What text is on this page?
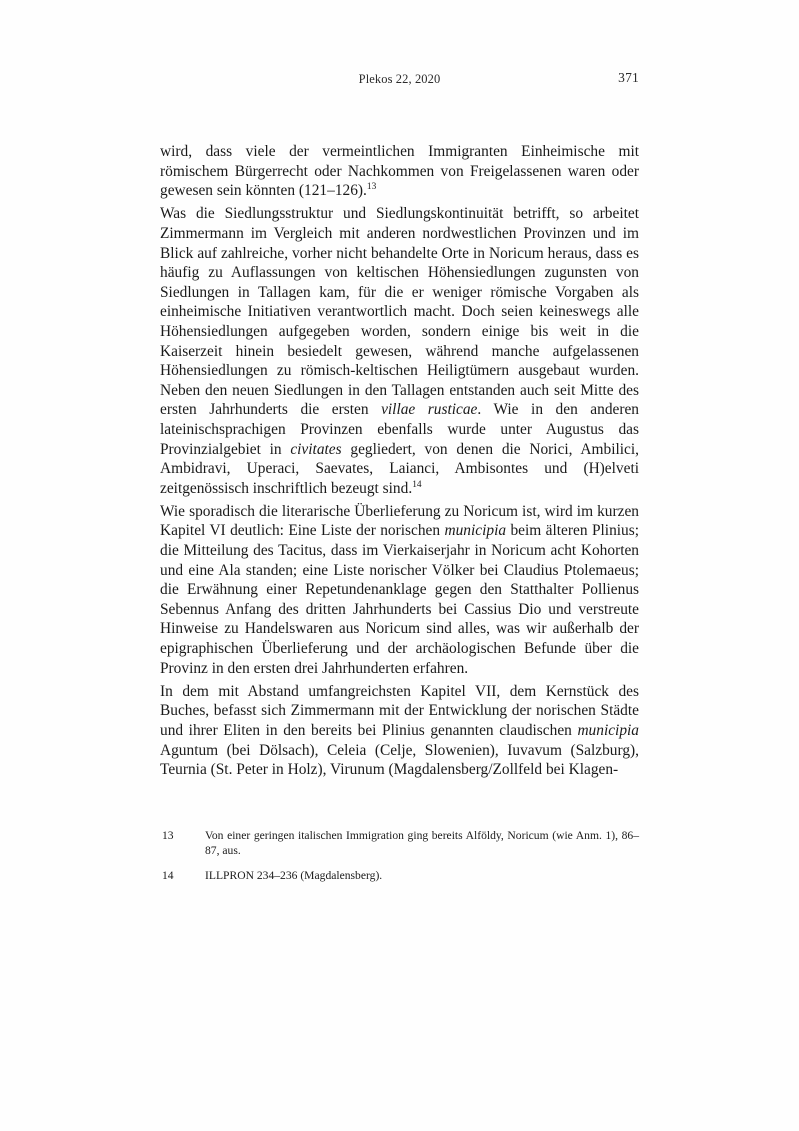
Plekos 22, 2020	371

wird, dass viele der vermeintlichen Immigranten Einheimische mit römischem Bürgerrecht oder Nachkommen von Freigelassenen waren oder gewesen sein könnten (121–126).$^{13}$

Was die Siedlungsstruktur und Siedlungskontinuität betrifft, so arbeitet Zimmermann im Vergleich mit anderen nordwestlichen Provinzen und im Blick auf zahlreiche, vorher nicht behandelte Orte in Noricum heraus, dass es häufig zu Auflassungen von keltischen Höhensiedlungen zugunsten von Siedlungen in Tallagen kam, für die er weniger römische Vorgaben als einheimische Initiativen verantwortlich macht. Doch seien keineswegs alle Höhensiedlungen aufgegeben worden, sondern einige bis weit in die Kaiserzeit hinein besiedelt gewesen, während manche aufgelassenen Höhensiedlungen zu römisch-keltischen Heiligtümern ausgebaut wurden. Neben den neuen Siedlungen in den Tallagen entstanden auch seit Mitte des ersten Jahrhunderts die ersten villae rusticae. Wie in den anderen lateinischsprachigen Provinzen ebenfalls wurde unter Augustus das Provinzialgebiet in civitates gegliedert, von denen die Norici, Ambilici, Ambidravi, Uperaci, Saevates, Laianci, Ambisontes und (H)elveti zeitgenössisch inschriftlich bezeugt sind.$^{14}$

Wie sporadisch die literarische Überlieferung zu Noricum ist, wird im kurzen Kapitel VI deutlich: Eine Liste der norischen municipia beim älteren Plinius; die Mitteilung des Tacitus, dass im Vierkaiserjahr in Noricum acht Kohorten und eine Ala standen; eine Liste norischer Völker bei Claudius Ptolemaeus; die Erwähnung einer Repetundenanklage gegen den Statthalter Pollienus Sebennus Anfang des dritten Jahrhunderts bei Cassius Dio und verstreute Hinweise zu Handelswaren aus Noricum sind alles, was wir außerhalb der epigraphischen Überlieferung und der archäologischen Befunde über die Provinz in den ersten drei Jahrhunderten erfahren.

In dem mit Abstand umfangreichsten Kapitel VII, dem Kernstück des Buches, befasst sich Zimmermann mit der Entwicklung der norischen Städte und ihrer Eliten in den bereits bei Plinius genannten claudischen municipia Aguntum (bei Dölsach), Celeia (Celje, Slowenien), Iuvavum (Salzburg), Teurnia (St. Peter in Holz), Virunum (Magdalensberg/Zollfeld bei Klagen-

13	Von einer geringen italischen Immigration ging bereits Alföldy, Noricum (wie Anm. 1), 86–87, aus.
14	ILLPRON 234–236 (Magdalensberg).
